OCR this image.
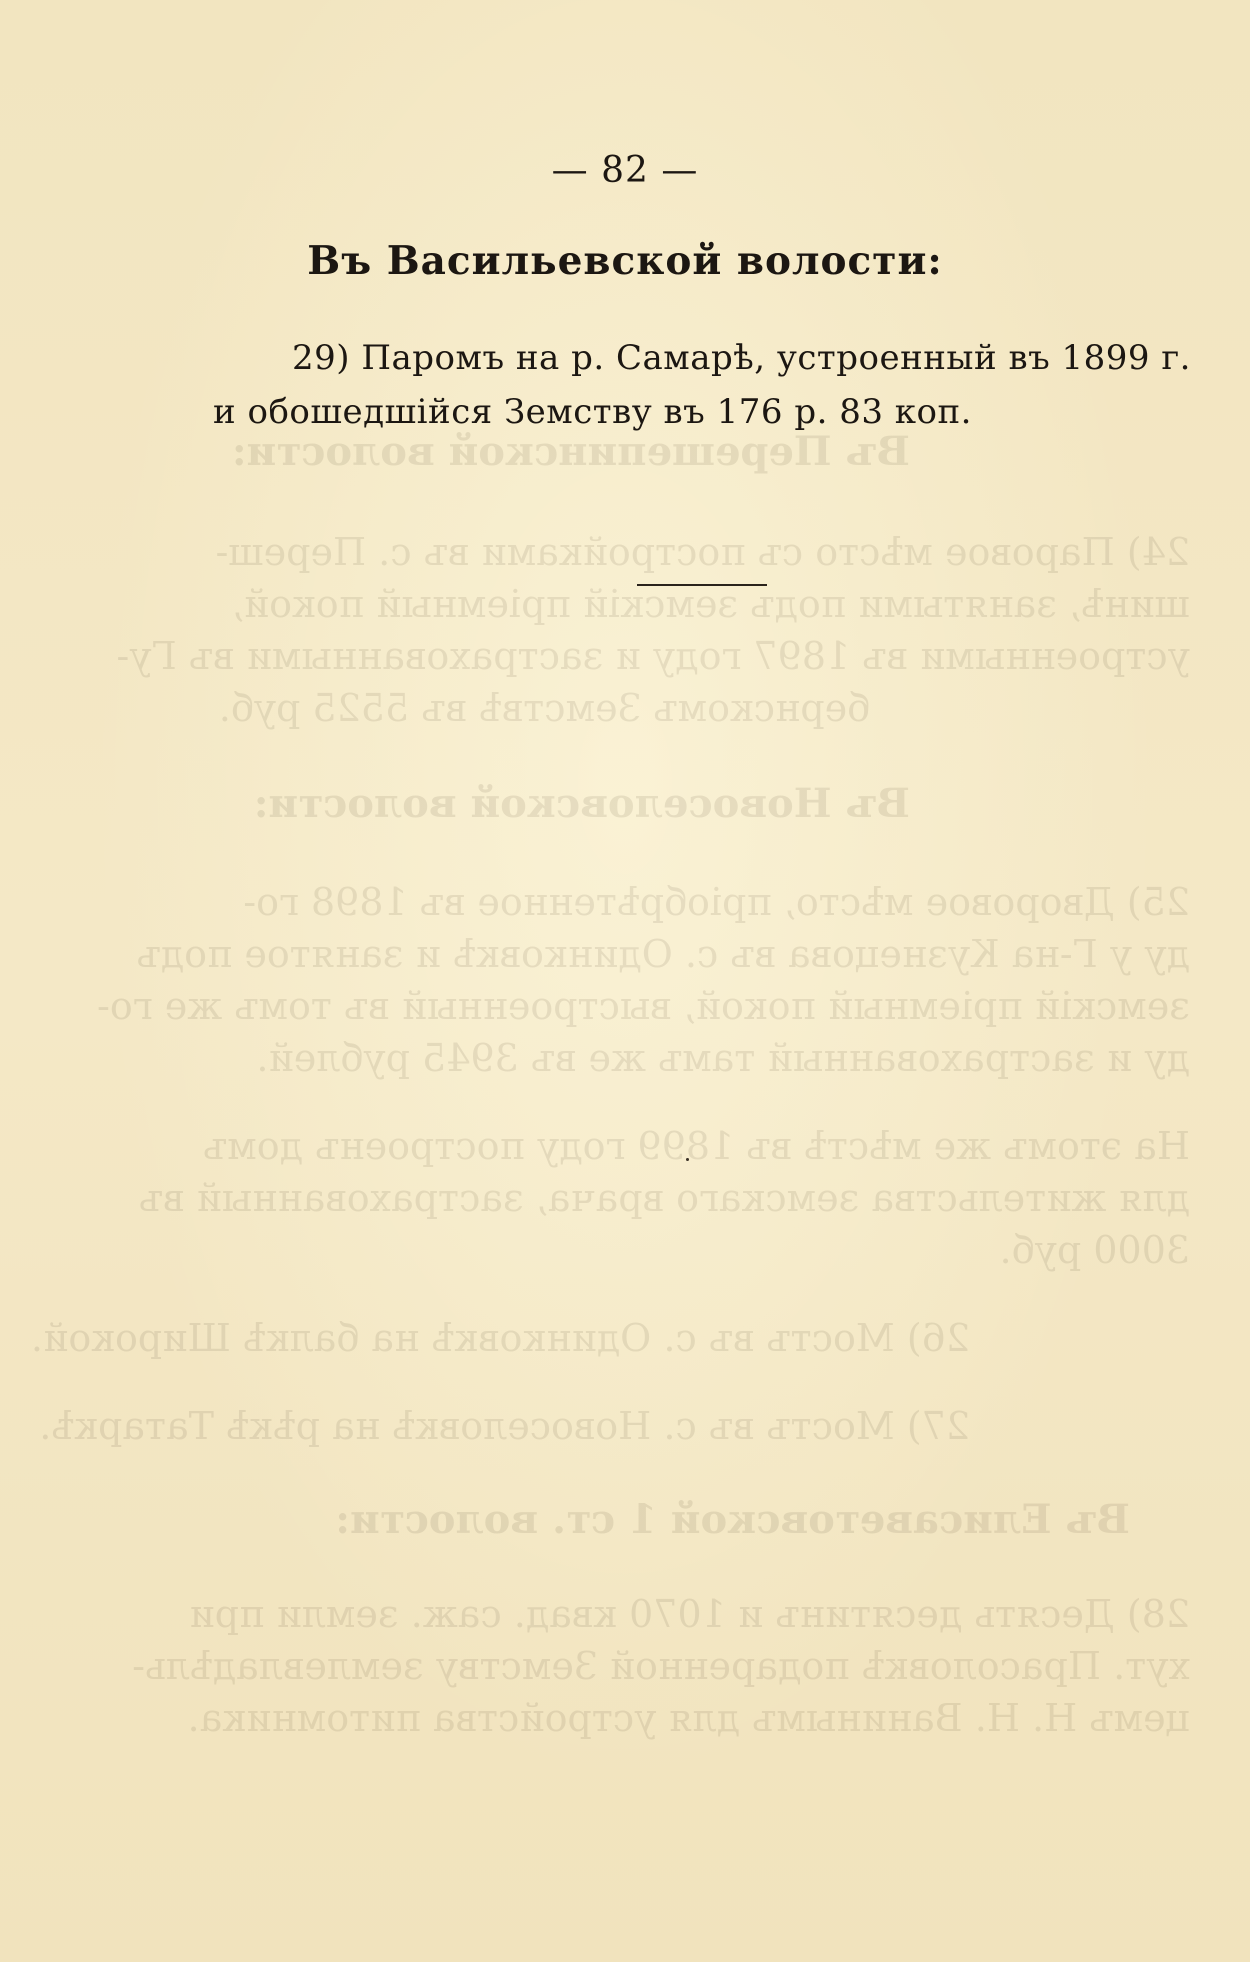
Въ Перешепинской волости:
24) Паровое мѣсто съ постройками въ с. Переш-
шинѣ, занятыми подъ земскій пріемный покой,
устроенными въ 1897 году и застрахованными въ Гу-
бернскомъ Земствѣ въ 5525 руб.
Въ Новоселовской волости:
25) Дворовое мѣсто, пріобрѣтенное въ 1898 го-
ду у Г-на Кузнецова въ с. Одинковкѣ и занятое подъ
земскій пріемный покой, выстроенный въ томъ же го-
ду и застрахованный тамъ же въ 3945 рублей.
На этомъ же мѣстѣ въ 1899 году построенъ домъ
для жительства земскаго врача, застрахованный въ
3000 руб.
26) Мостъ въ с. Одинковкѣ на балкѣ Широкой.
27) Мостъ въ с. Новоселовкѣ на рѣкѣ Татаркѣ.
Въ Елисаветовской 1 ст. волости:
28) Десять десятинъ и 1070 квад. саж. земли при
хут. Прасоловкѣ подаренной Земству землевладѣль-
цемъ Н. Н. Ванинымъ для устройства питомника.
— 82 —
Въ Васильевской волости:
29) Паромъ на р. Самарѣ, устроенный въ 1899 г.
и обошедшійся Земству въ 176 р. 83 коп.
